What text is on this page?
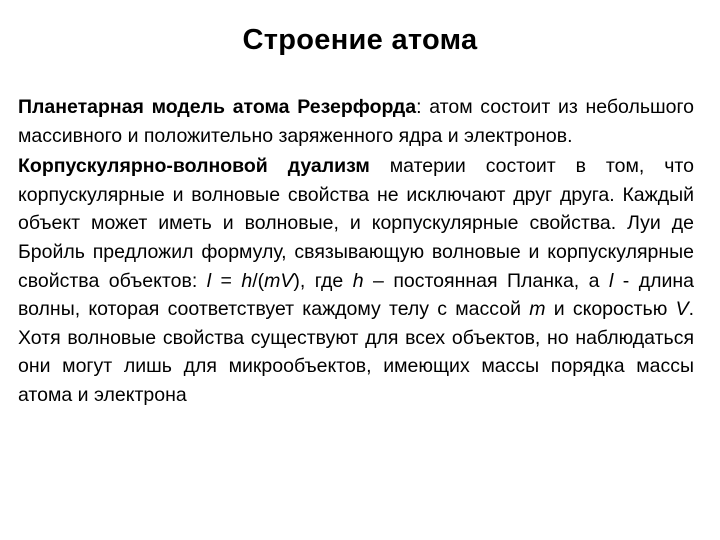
Строение атома

Планетарная модель атома Резерфорда: атом состоит из небольшого массивного и положительно заряженного ядра и электронов.

Корпускулярно-волновой дуализм материи состоит в том, что корпускулярные и волновые свойства не исключают друг друга. Каждый объект может иметь и волновые, и корпускулярные свойства. Луи де Бройль предложил формулу, связывающую волновые и корпускулярные свойства объектов: l = h/(mV), где h – постоянная Планка, а l - длина волны, которая соответствует каждому телу с массой m и скоростью V. Хотя волновые свойства существуют для всех объектов, но наблюдаться они могут лишь для микрообъектов, имеющих массы порядка массы атома и электрона
